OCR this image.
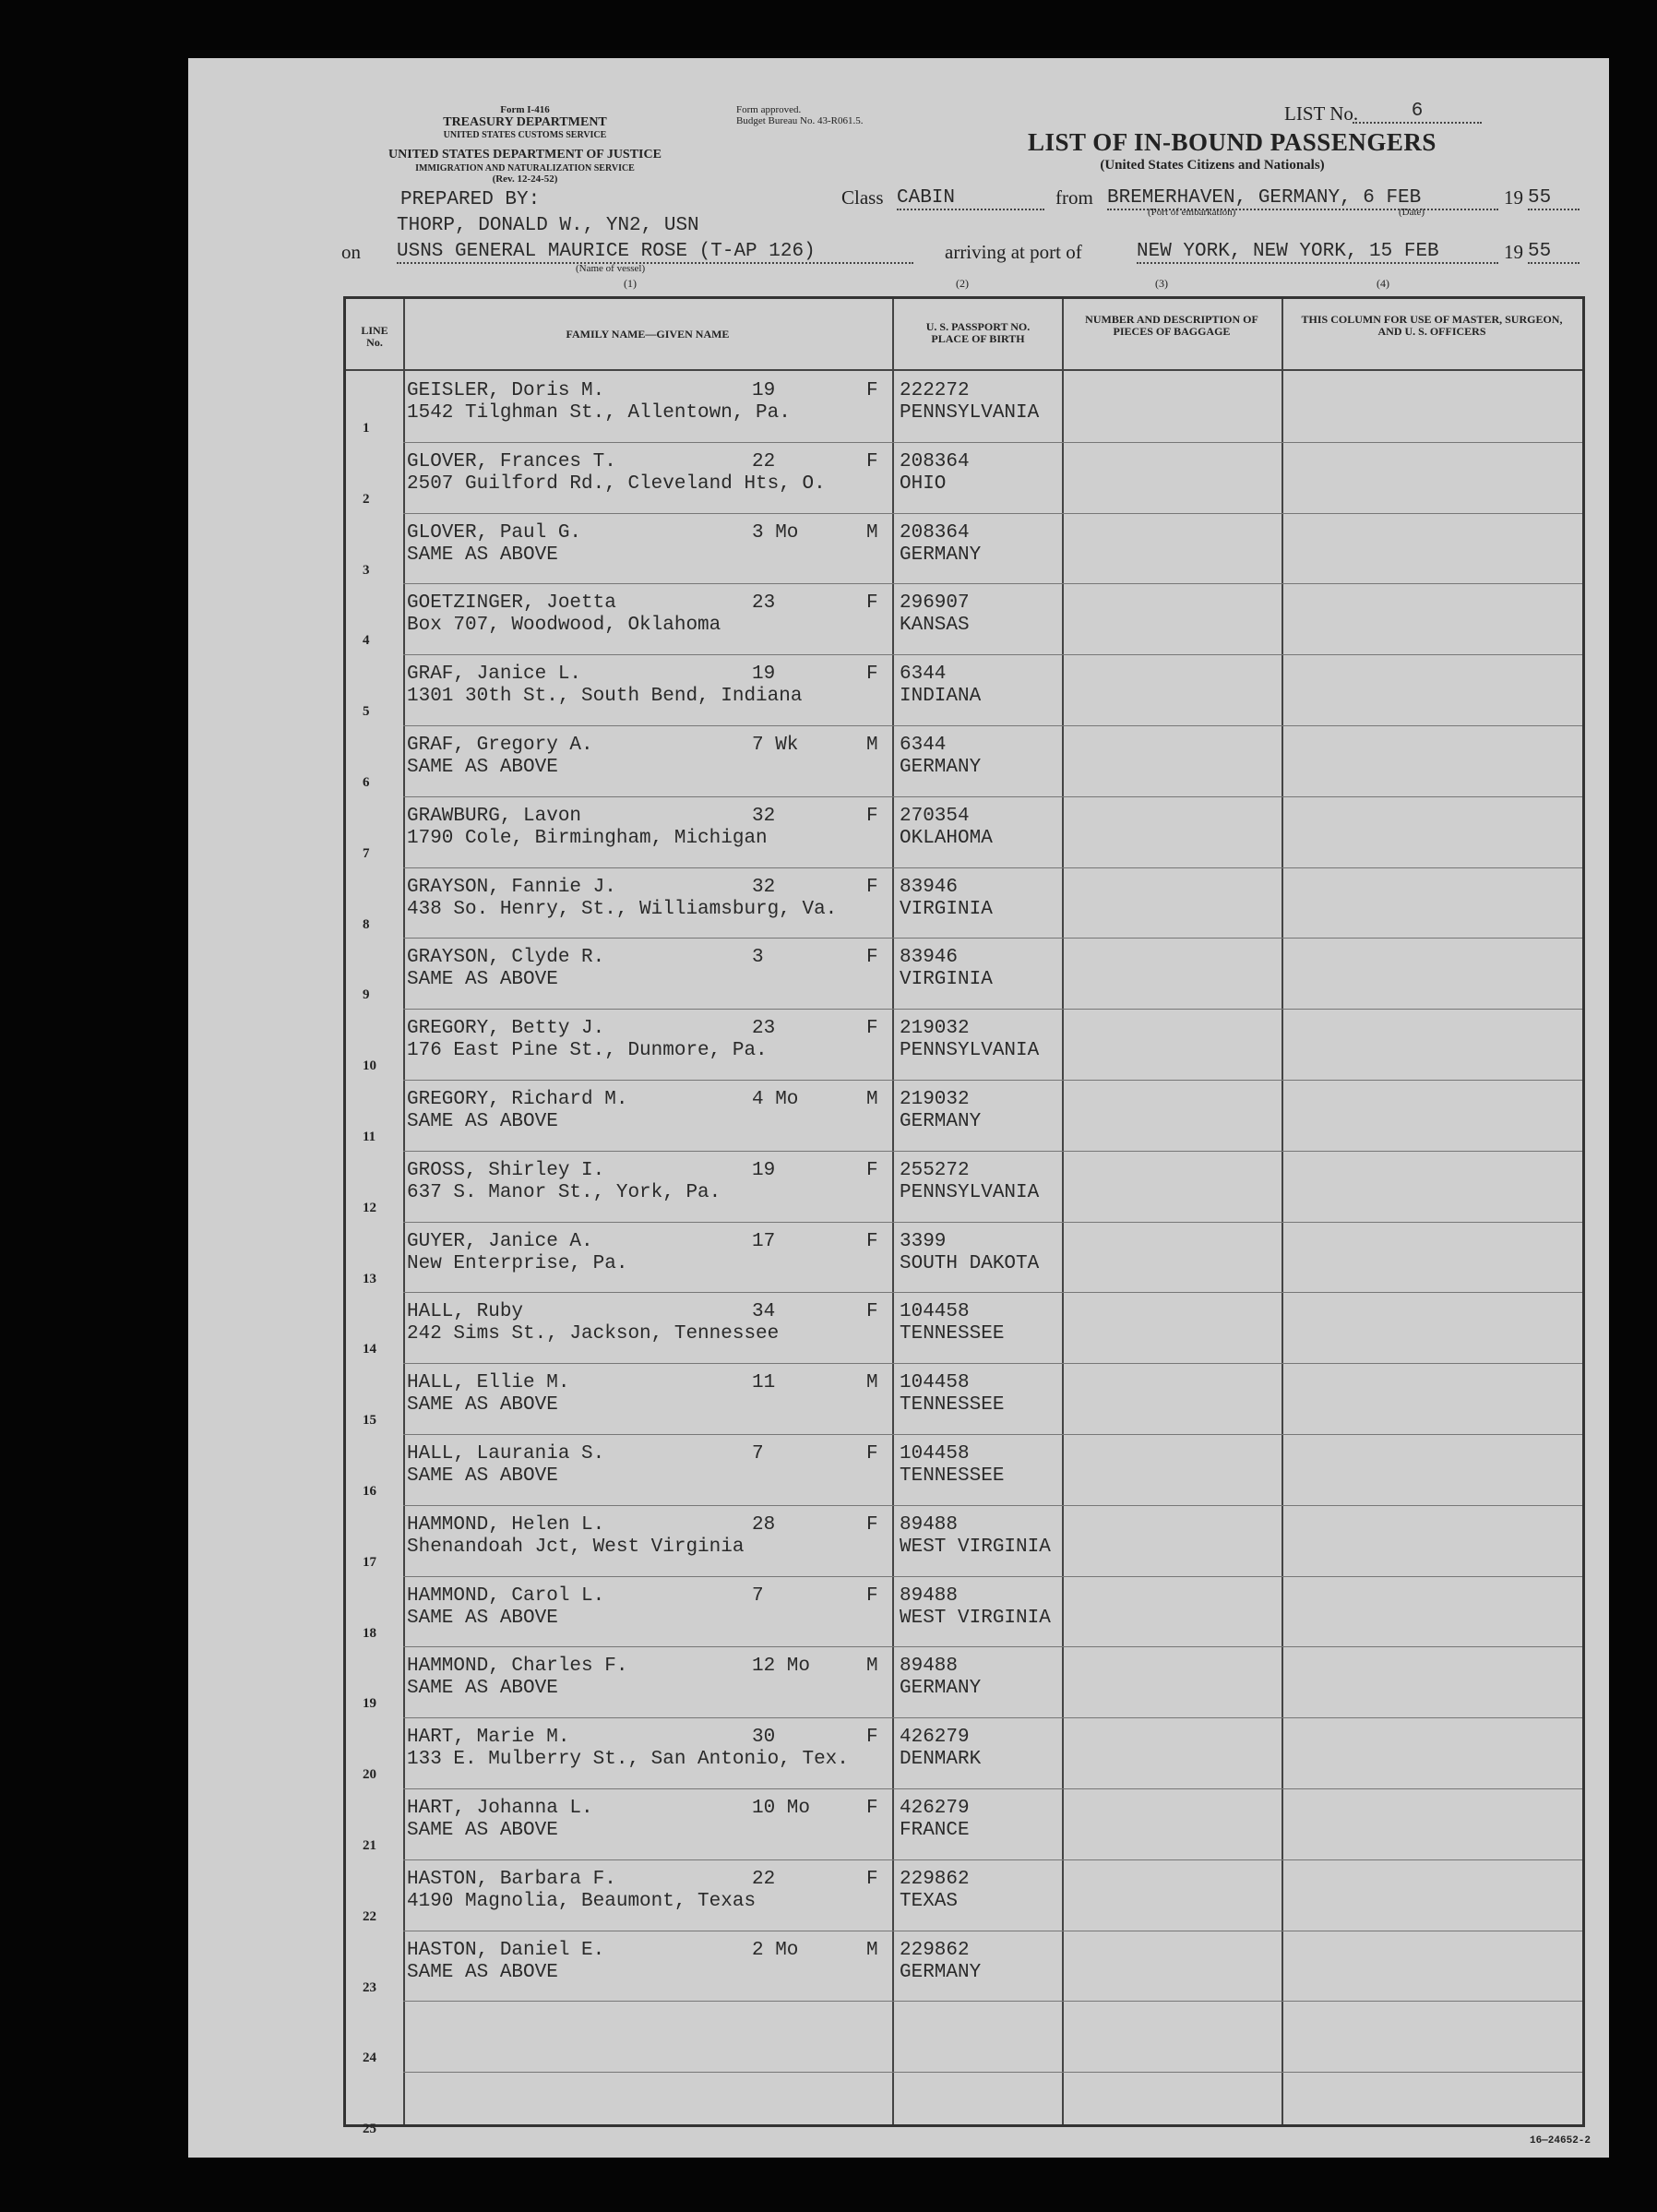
Form I-416
TREASURY DEPARTMENT
UNITED STATES CUSTOMS SERVICE
UNITED STATES DEPARTMENT OF JUSTICE
IMMIGRATION AND NATURALIZATION SERVICE
(Rev. 12-24-52)
Form approved.
Budget Bureau No. 43-R061.5.	LIST No.	6
LIST OF IN-BOUND PASSENGERS
(United States Citizens and Nationals)
PREPARED BY:
THORP, DONALD W., YN2, USN
Class CABIN	from BREMERHAVEN, GERMANY, 6 FEB	19 55
(Port of embarkation)	(Date)
on USNS GENERAL MAURICE ROSE (T-AP 126)
(Name of vessel)
arriving at port of	NEW YORK, NEW YORK, 15 FEB	19 55
(1)	(2)	(3)	(4)
LINE No.
FAMILY NAME—GIVEN NAME
U. S. PASSPORT NO. PLACE OF BIRTH
NUMBER AND DESCRIPTION OF PIECES OF BAGGAGE
THIS COLUMN FOR USE OF MASTER, SURGEON, AND U. S. OFFICERS
1
GEISLER, Doris M.	19	F
1542 Tilghman St., Allentown, Pa.
222272
PENNSYLVANIA
2
GLOVER, Frances T.	22	F
2507 Guilford Rd., Cleveland Hts, O.
208364
OHIO
3
GLOVER, Paul G.	3 Mo	M
SAME AS ABOVE
208364
GERMANY
4
GOETZINGER, Joetta	23	F
Box 707, Woodwood, Oklahoma
296907
KANSAS
5
GRAF, Janice L.	19	F
1301 30th St., South Bend, Indiana
6344
INDIANA
6
GRAF, Gregory A.	7 Wk	M
SAME AS ABOVE
6344
GERMANY
7
GRAWBURG, Lavon	32	F
1790 Cole, Birmingham, Michigan
270354
OKLAHOMA
8
GRAYSON, Fannie J.	32	F
438 So. Henry, St., Williamsburg, Va.
83946
VIRGINIA
9
GRAYSON, Clyde R.	3	F
SAME AS ABOVE
83946
VIRGINIA
10
GREGORY, Betty J.	23	F
176 East Pine St., Dunmore, Pa.
219032
PENNSYLVANIA
11
GREGORY, Richard M.	4 Mo	M
SAME AS ABOVE
219032
GERMANY
12
GROSS, Shirley I.	19	F
637 S. Manor St., York, Pa.
255272
PENNSYLVANIA
13
GUYER, Janice A.	17	F
New Enterprise, Pa.
3399
SOUTH DAKOTA
14
HALL, Ruby	34	F
242 Sims St., Jackson, Tennessee
104458
TENNESSEE
15
HALL, Ellie M.	11	M
SAME AS ABOVE
104458
TENNESSEE
16
HALL, Laurania S.	7	F
SAME AS ABOVE
104458
TENNESSEE
17
HAMMOND, Helen L.	28	F
Shenandoah Jct, West Virginia
89488
WEST VIRGINIA
18
HAMMOND, Carol L.	7	F
SAME AS ABOVE
89488
WEST VIRGINIA
19
HAMMOND, Charles F.	12 Mo	M
SAME AS ABOVE
89488
GERMANY
20
HART, Marie M.	30	F
133 E. Mulberry St., San Antonio, Tex.
426279
DENMARK
21
HART, Johanna L.	10 Mo	F
SAME AS ABOVE
426279
FRANCE
22
HASTON, Barbara F.	22	F
4190 Magnolia, Beaumont, Texas
229862
TEXAS
23
HASTON, Daniel E.	2 Mo	M
SAME AS ABOVE
229862
GERMANY
24
25
16—24652-2
